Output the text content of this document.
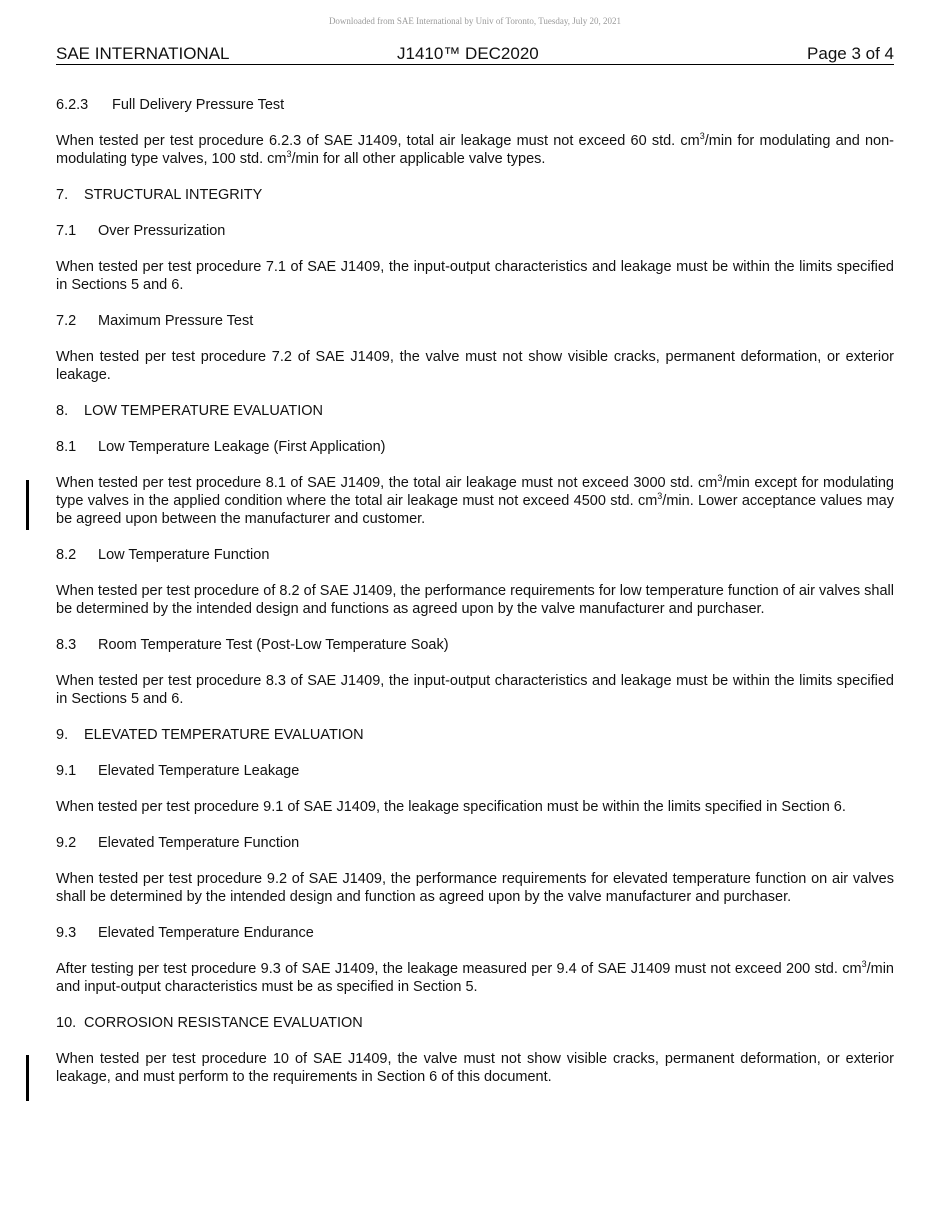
Downloaded from SAE International by Univ of Toronto, Tuesday, July 20, 2021
SAE INTERNATIONAL	J1410™ DEC2020	Page 3 of 4
6.2.3 Full Delivery Pressure Test

When tested per test procedure 6.2.3 of SAE J1409, total air leakage must not exceed 60 std. $cm^3/\min$ for modulating and non-modulating type valves, 100 std. $cm^3/\min$ for all other applicable valve types.

7. STRUCTURAL INTEGRITY
7.1 Over Pressurization

When tested per test procedure 7.1 of SAE J1409, the input-output characteristics and leakage must be within the limits specified in Sections 5 and 6.

7.2 Maximum Pressure Test

When tested per test procedure 7.2 of SAE J1409, the valve must not show visible cracks, permanent deformation, or exterior leakage.

8. LOW TEMPERATURE EVALUATION
8.1 Low Temperature Leakage (First Application)

When tested per test procedure 8.1 of SAE J1409, the total air leakage must not exceed 3000 std. $cm^3/\min$ except for modulating type valves in the applied condition where the total air leakage must not exceed 4500 std. $cm^3/\min$. Lower acceptance values may be agreed upon between the manufacturer and customer.

8.2 Low Temperature Function

When tested per test procedure of 8.2 of SAE J1409, the performance requirements for low temperature function of air valves shall be determined by the intended design and functions as agreed upon by the valve manufacturer and purchaser.

8.3 Room Temperature Test (Post-Low Temperature Soak)

When tested per test procedure 8.3 of SAE J1409, the input-output characteristics and leakage must be within the limits specified in Sections 5 and 6.

9. ELEVATED TEMPERATURE EVALUATION
9.1 Elevated Temperature Leakage

When tested per test procedure 9.1 of SAE J1409, the leakage specification must be within the limits specified in Section 6.

9.2 Elevated Temperature Function

When tested per test procedure 9.2 of SAE J1409, the performance requirements for elevated temperature function on air valves shall be determined by the intended design and function as agreed upon by the valve manufacturer and purchaser.

9.3 Elevated Temperature Endurance

After testing per test procedure 9.3 of SAE J1409, the leakage measured per 9.4 of SAE J1409 must not exceed 200 std. $cm^3/\min$ and input-output characteristics must be as specified in Section 5.

10. CORROSION RESISTANCE EVALUATION

When tested per test procedure 10 of SAE J1409, the valve must not show visible cracks, permanent deformation, or exterior leakage, and must perform to the requirements in Section 6 of this document.
